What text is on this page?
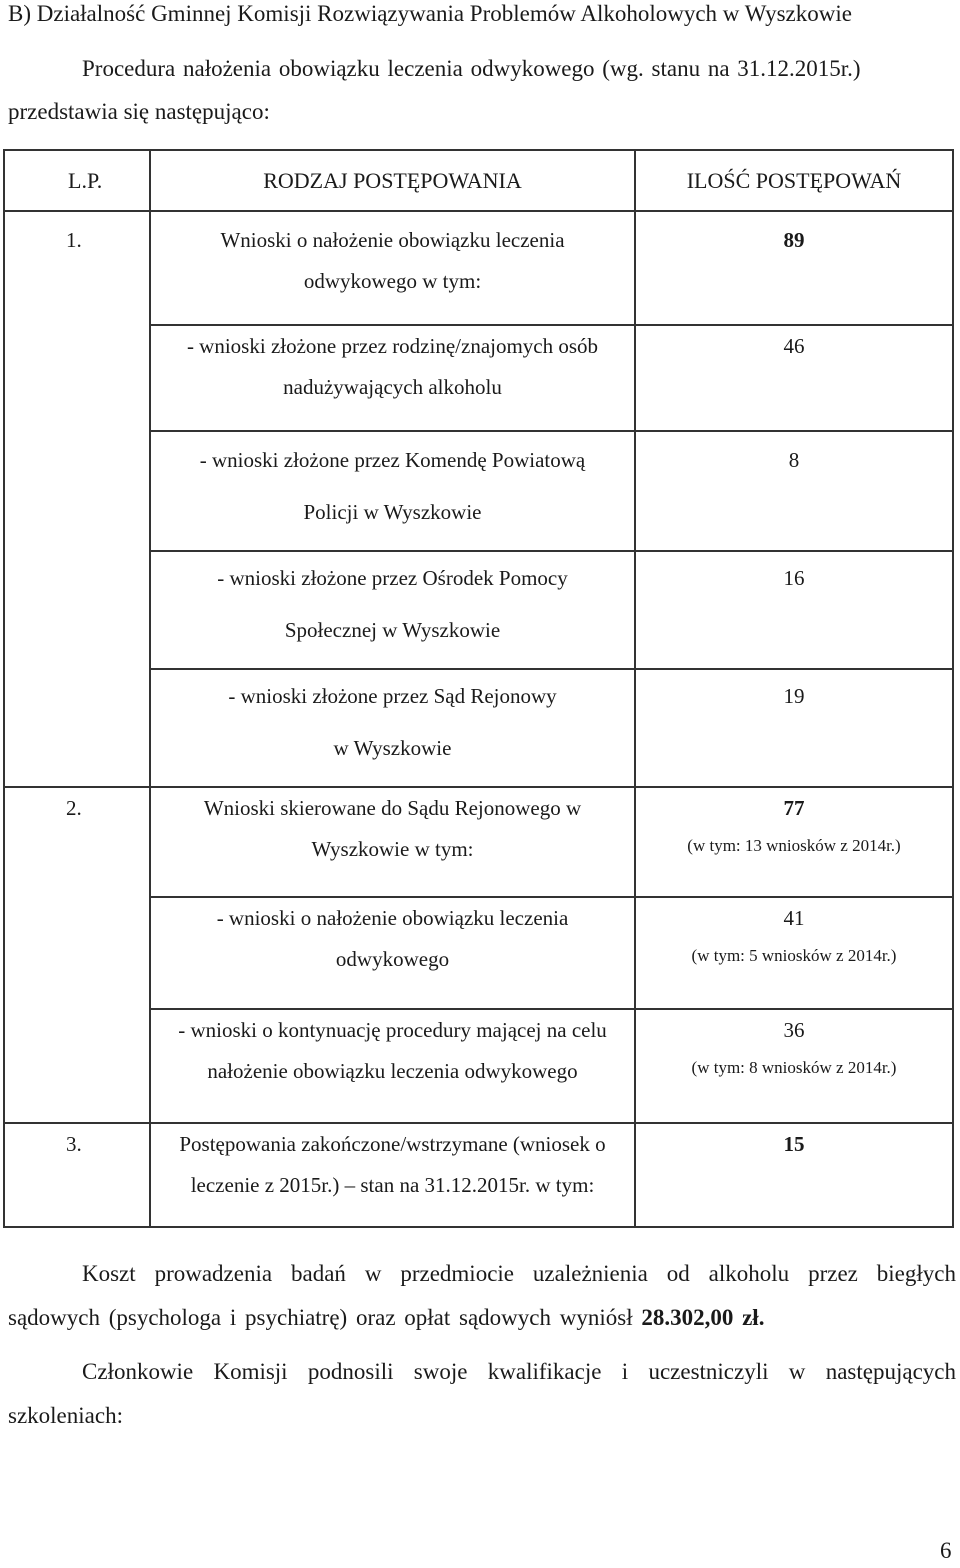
B) Działalność Gminnej Komisji Rozwiązywania Problemów Alkoholowych w Wyszkowie
Procedura nałożenia obowiązku leczenia odwykowego (wg. stanu na 31.12.2015r.)
przedstawia się następująco:
L.P.	RODZAJ POSTĘPOWANIA	ILOŚĆ POSTĘPOWAŃ
1.	Wnioski o nałożenie obowiązku leczenia
odwykowego w tym:	89

	- wnioski złożone przez rodzinę/znajomych osób
nadużywających alkoholu	46

	- wnioski złożone przez Komendę Powiatową
Policji w Wyszkowie	8

	- wnioski złożone przez Ośrodek Pomocy
Społecznej w Wyszkowie	16

	- wnioski złożone przez Sąd Rejonowy
w Wyszkowie	19
2.	Wnioski skierowane do Sądu Rejonowego w
Wyszkowie w tym:	77
(w tym: 13 wniosków z 2014r.)

	- wnioski o nałożenie obowiązku leczenia
odwykowego	41
(w tym: 5 wniosków z 2014r.)

	- wnioski o kontynuację procedury mającej na celu
nałożenie obowiązku leczenia odwykowego	36
(w tym: 8 wniosków z 2014r.)

3.	Postępowania zakończone/wstrzymane (wniosek o
leczenie z 2015r.) – stan na 31.12.2015r. w tym:	15
Koszt prowadzenia badań w przedmiocie uzależnienia od alkoholu przez biegłych sądowych (psychologa i psychiatrę) oraz opłat sądowych wyniósł 28.302,00 zł.
Członkowie Komisji podnosili swoje kwalifikacje i uczestniczyli w następujących szkoleniach:
6
